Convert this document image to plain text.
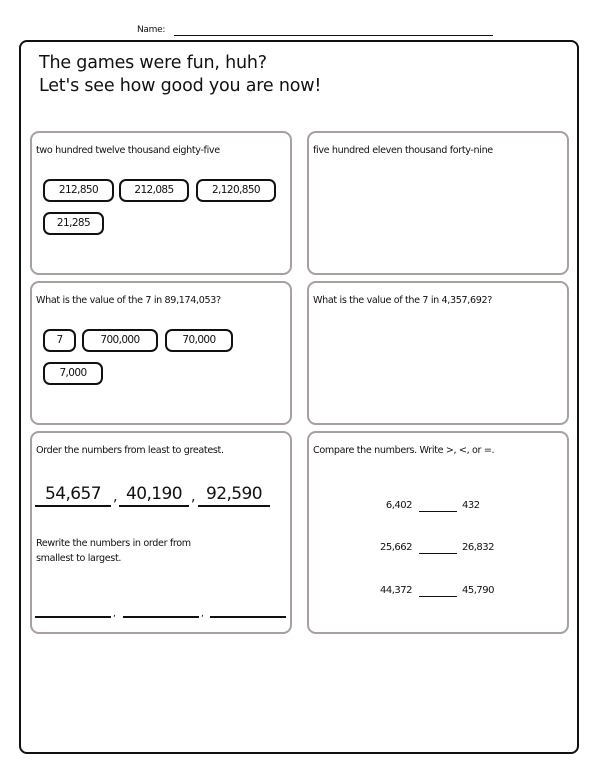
Name:
The games were fun, huh?
Let's see how good you are now!
two hundred twelve thousand eighty-five
212,850	212,085	2,120,850
21,285
five hundred eleven thousand forty-nine
What is the value of the 7 in 89,174,053?
7	700,000	70,000
7,000
What is the value of the 7 in 4,357,692?
Order the numbers from least to greatest.
54,657 , 40,190 , 92,590
Rewrite the numbers in order from
smallest to largest.
,	,
Compare the numbers. Write >, <, or =.
6,402	432
25,662	26,832
44,372	45,790
